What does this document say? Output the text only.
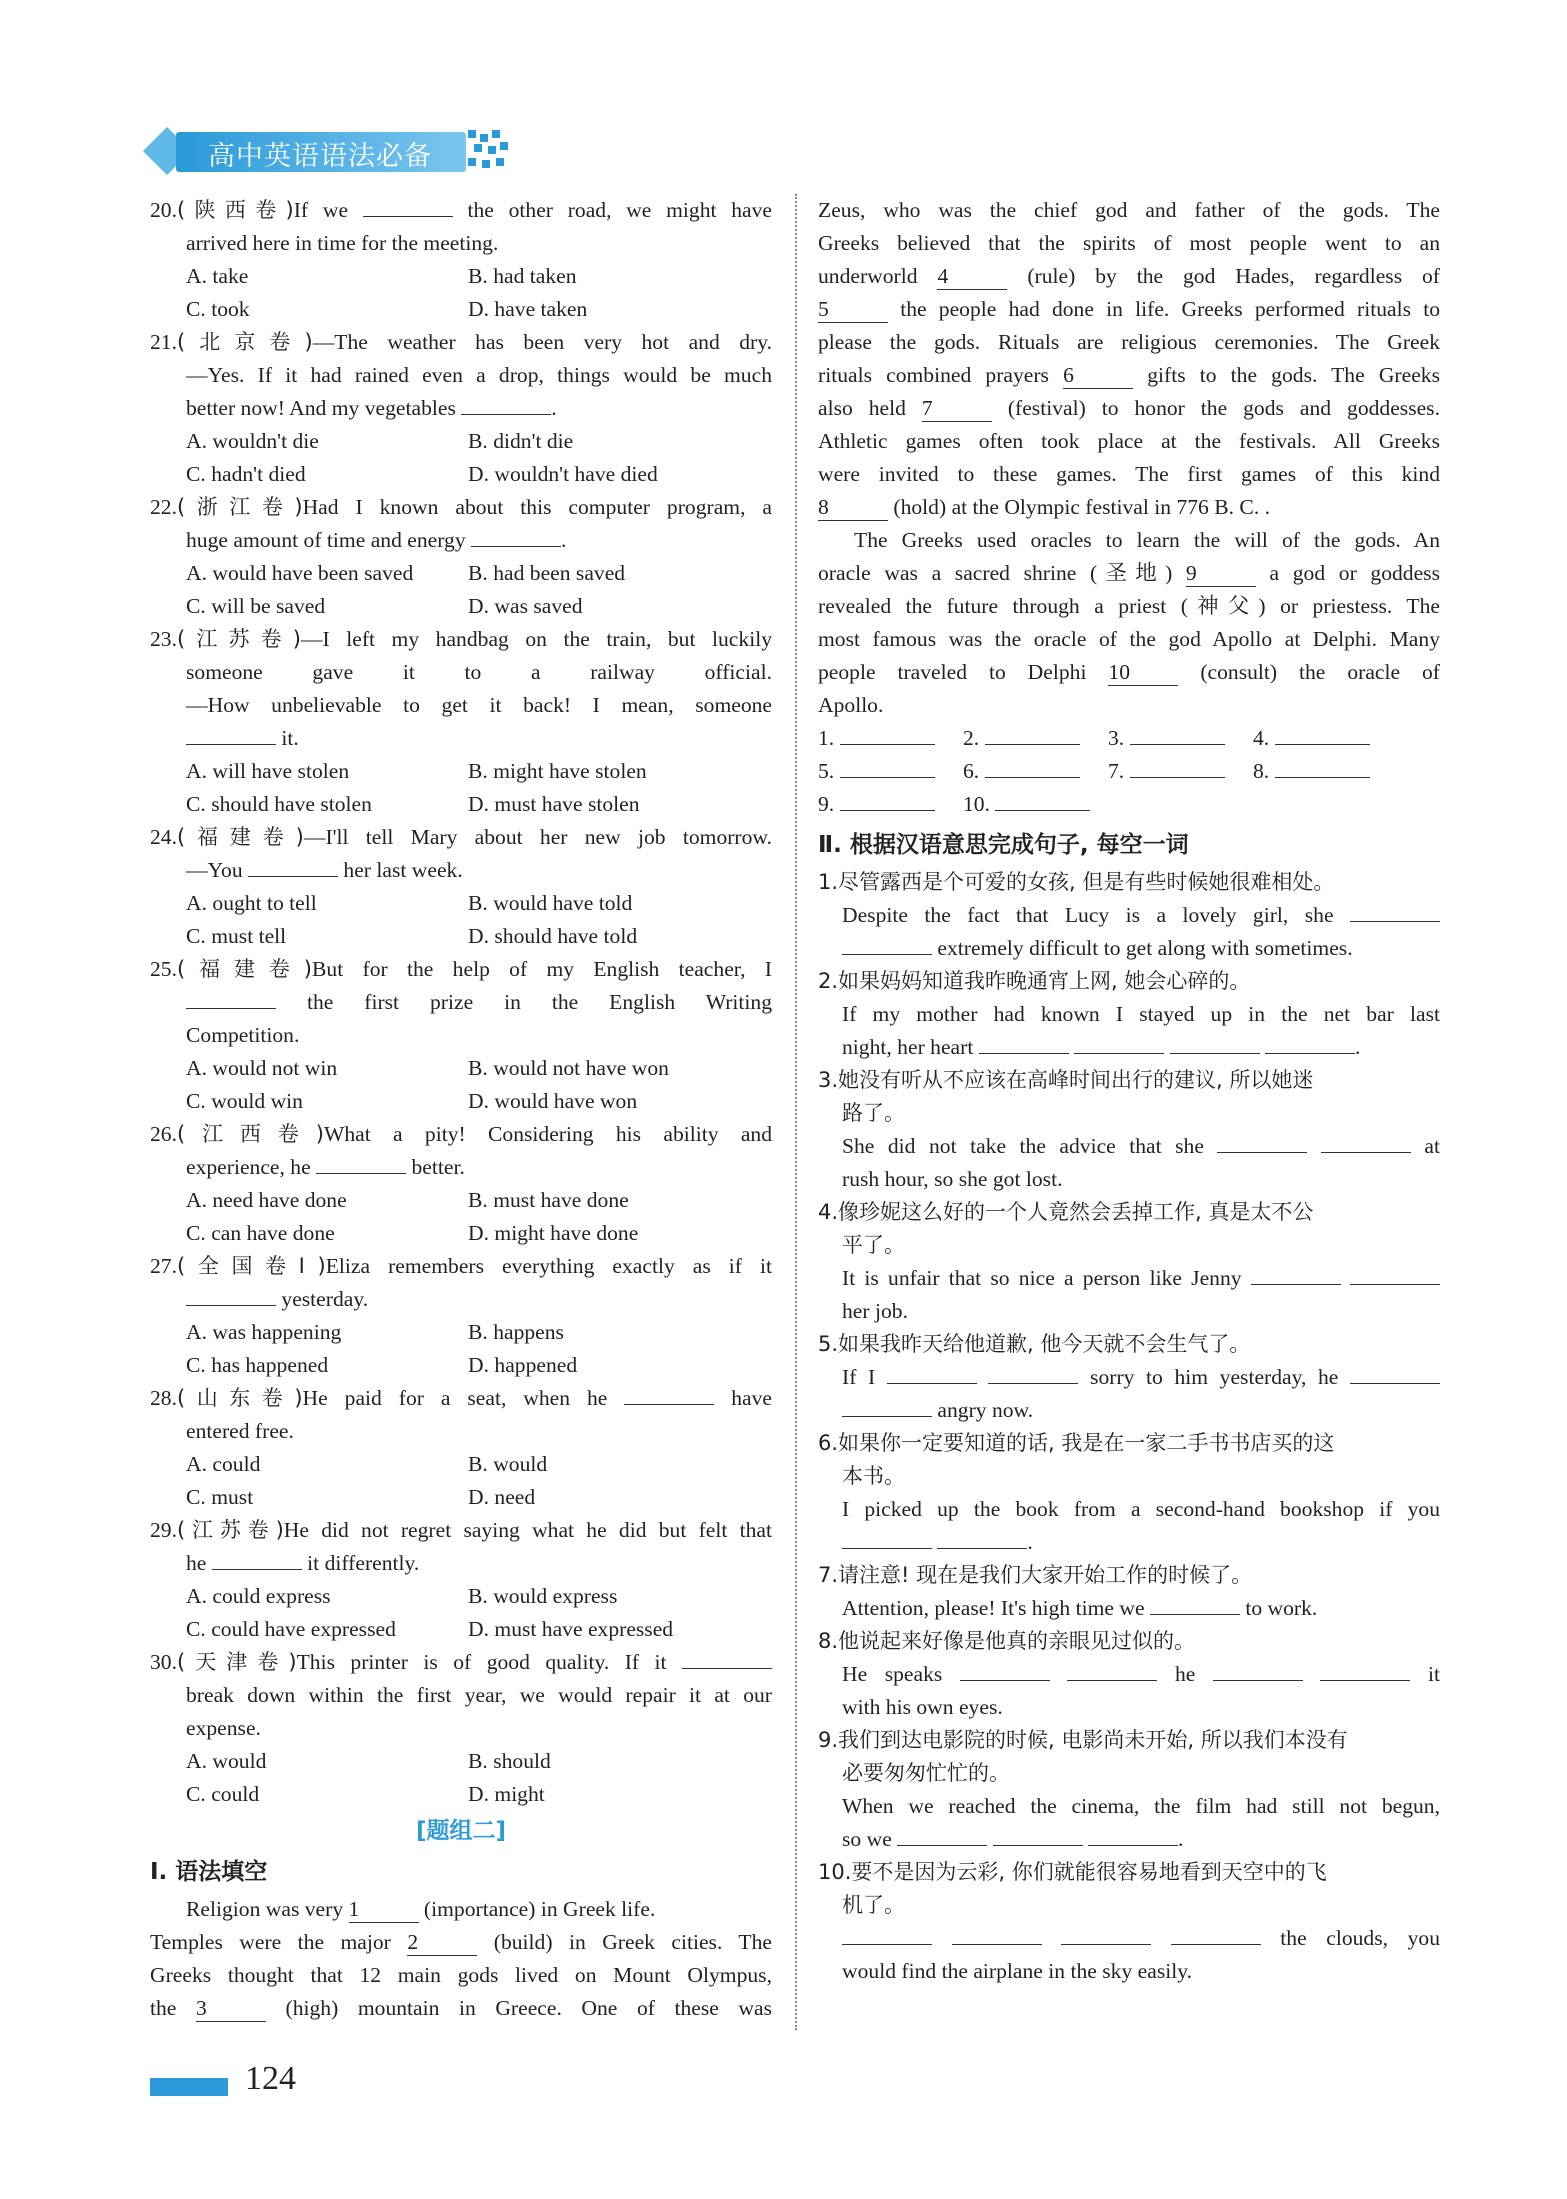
高中英语语法必备
20.(陕西卷)If we	the other road, we might have
arrived here in time for the meeting.
A. take	B. had taken
C. took	D. have taken
21.(北京卷)—The weather has been very hot and dry.
—Yes. If it had rained even a drop, things would be much
better now! And my vegetables	.
A. wouldn't die	B. didn't die
C. hadn't died	D. wouldn't have died
22.(浙江卷)Had I known about this computer program, a
huge amount of time and energy	.
A. would have been saved	B. had been saved
C. will be saved	D. was saved
23.(江苏卷)—I left my handbag on the train, but luckily
someone gave it to a railway official.
—How unbelievable to get it back! I mean, someone
it.
A. will have stolen	B. might have stolen
C. should have stolen	D. must have stolen
24.(福建卷)—I'll tell Mary about her new job tomorrow.
—You	her last week.
A. ought to tell	B. would have told
C. must tell	D. should have told
25.(福建卷)But for the help of my English teacher, I
the first prize in the English Writing
Competition.
A. would not win	B. would not have won
C. would win	D. would have won
26.(江西卷)What a pity! Considering his ability and
experience, he	better.
A. need have done	B. must have done
C. can have done	D. might have done
27.(全国卷Ⅰ)Eliza remembers everything exactly as if it
yesterday.
A. was happening	B. happens
C. has happened	D. happened
28.(山东卷)He paid for a seat, when he	have
entered free.
A. could	B. would
C. must	D. need
29.(江苏卷)He did not regret saying what he did but felt that
he	it differently.
A. could express	B. would express
C. could have expressed	D. must have expressed
30.(天津卷)This printer is of good quality. If it
break down within the first year, we would repair it at our
expense.
A. would	B. should
C. could	D. might
[题组二]
Ⅰ. 语法填空
Religion was very 1	(importance) in Greek life.
Temples were the major 2	(build) in Greek cities. The
Greeks thought that 12 main gods lived on Mount Olympus,
the 3	(high) mountain in Greece. One of these was
Zeus, who was the chief god and father of the gods. The
Greeks believed that the spirits of most people went to an
underworld 4	(rule) by the god Hades, regardless of
5	the people had done in life. Greeks performed rituals to
please the gods. Rituals are religious ceremonies. The Greek
rituals combined prayers 6	gifts to the gods. The Greeks
also held 7	(festival) to honor the gods and goddesses.
Athletic games often took place at the festivals. All Greeks
were invited to these games. The first games of this kind
8	(hold) at the Olympic festival in 776 B. C. .
The Greeks used oracles to learn the will of the gods. An
oracle was a sacred shrine (圣地) 9	a god or goddess
revealed the future through a priest (神父) or priestess. The
most famous was the oracle of the god Apollo at Delphi. Many
people traveled to Delphi 10 (consult) the oracle of
Apollo.
1.	2.	3.	4.
5.	6.	7.	8.
9.	10.
Ⅱ. 根据汉语意思完成句子, 每空一词
1.尽管露西是个可爱的女孩, 但是有些时候她很难相处。
Despite the fact that Lucy is a lovely girl, she
extremely difficult to get along with sometimes.
2.如果妈妈知道我昨晚通宵上网, 她会心碎的。
If my mother had known I stayed up in the net bar last
night, her heart	.
3.她没有听从不应该在高峰时间出行的建议, 所以她迷
路了。
She did not take the advice that she	at
rush hour, so she got lost.
4.像珍妮这么好的一个人竟然会丢掉工作, 真是太不公
平了。
It is unfair that so nice a person like Jenny
her job.
5.如果我昨天给他道歉, 他今天就不会生气了。
If I	sorry to him yesterday, he
angry now.
6.如果你一定要知道的话, 我是在一家二手书书店买的这
本书。
I picked up the book from a second-hand bookshop if you
.
7.请注意! 现在是我们大家开始工作的时候了。
Attention, please! It's high time we	to work.
8.他说起来好像是他真的亲眼见过似的。
He speaks	he	it
with his own eyes.
9.我们到达电影院的时候, 电影尚未开始, 所以我们本没有
必要匆匆忙忙的。
When we reached the cinema, the film had still not begun,
so we	.
10.要不是因为云彩, 你们就能很容易地看到天空中的飞
机了。
the clouds, you
would find the airplane in the sky easily.
124
